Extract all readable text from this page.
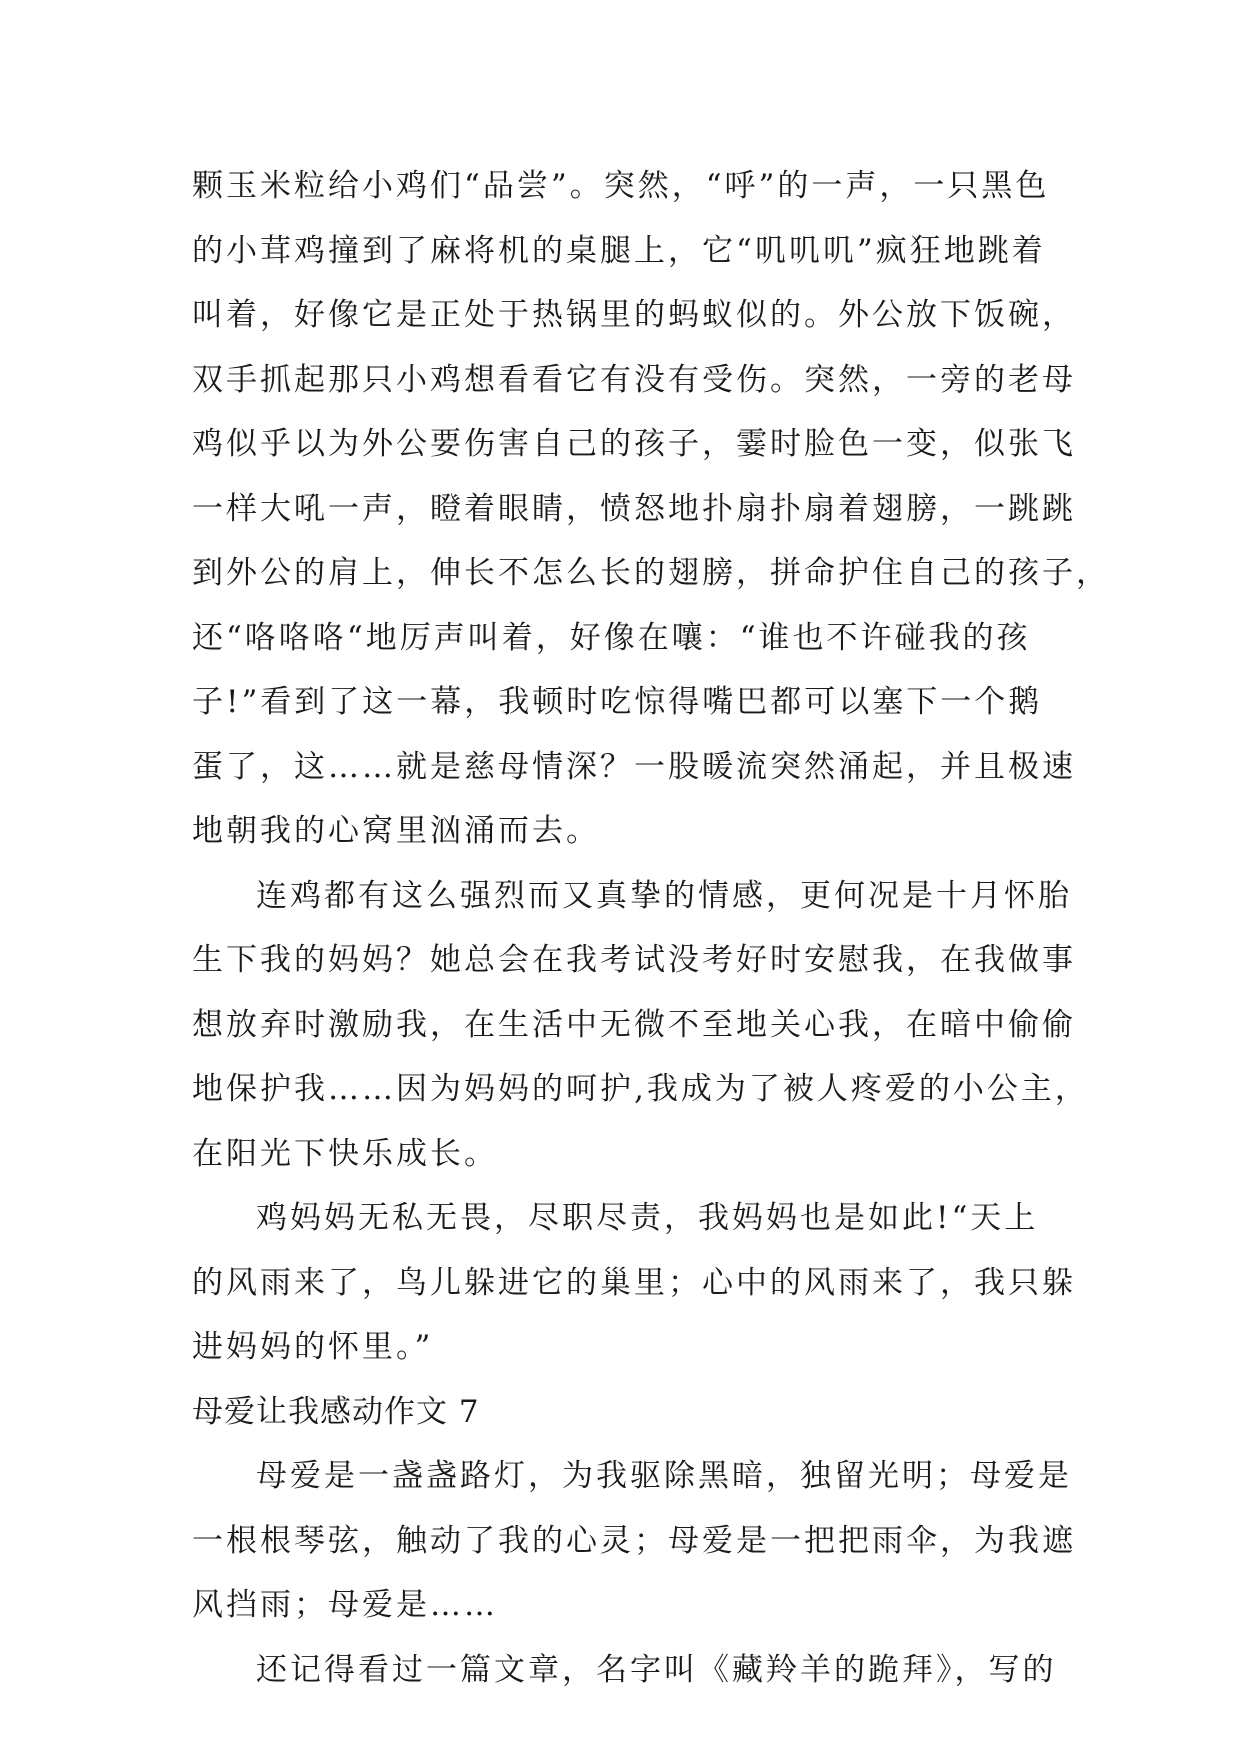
颗玉米粒给小鸡们“品尝”。突然，“呼”的一声，一只黑色
的小茸鸡撞到了麻将机的桌腿上，它“叽叽叽”疯狂地跳着
叫着，好像它是正处于热锅里的蚂蚁似的。外公放下饭碗，
双手抓起那只小鸡想看看它有没有受伤。突然，一旁的老母
鸡似乎以为外公要伤害自己的孩子，霎时脸色一变，似张飞
一样大吼一声，瞪着眼睛，愤怒地扑扇扑扇着翅膀，一跳跳
到外公的肩上，伸长不怎么长的翅膀，拼命护住自己的孩子，
还“咯咯咯“地厉声叫着，好像在嚷：“谁也不许碰我的孩
子!”看到了这一幕，我顿时吃惊得嘴巴都可以塞下一个鹅
蛋了，这……就是慈母情深？一股暖流突然涌起，并且极速
地朝我的心窝里汹涌而去。
连鸡都有这么强烈而又真挚的情感，更何况是十月怀胎
生下我的妈妈？她总会在我考试没考好时安慰我，在我做事
想放弃时激励我，在生活中无微不至地关心我，在暗中偷偷
地保护我……因为妈妈的呵护,我成为了被人疼爱的小公主，
在阳光下快乐成长。
鸡妈妈无私无畏，尽职尽责，我妈妈也是如此!“天上
的风雨来了，鸟儿躲进它的巢里；心中的风雨来了，我只躲
进妈妈的怀里。”
母爱让我感动作文 7
母爱是一盏盏路灯，为我驱除黑暗，独留光明；母爱是
一根根琴弦，触动了我的心灵；母爱是一把把雨伞，为我遮
风挡雨；母爱是……
还记得看过一篇文章，名字叫《藏羚羊的跪拜》，写的
